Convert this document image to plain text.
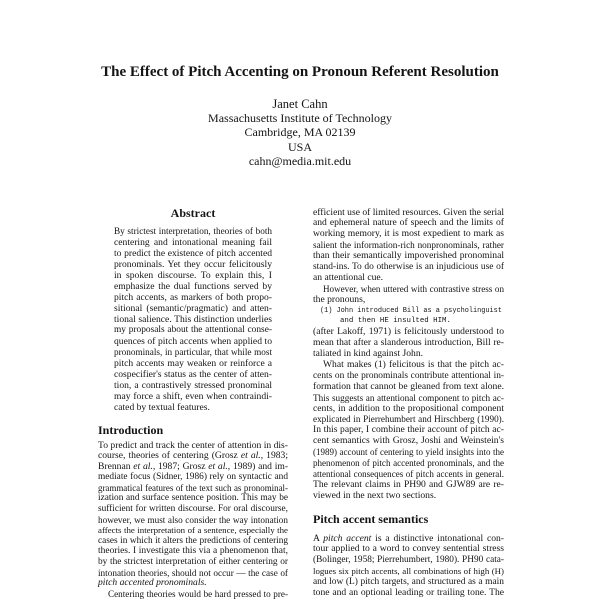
The Effect of Pitch Accenting on Pronoun Referent Resolution
Janet Cahn
Massachusetts Institute of Technology
Cambridge, MA 02139
USA
cahn@media.mit.edu
Abstract
By strictest interpretation, theories of both
centering and intonational meaning fail
to predict the existence of pitch accented
pronominals. Yet they occur felicitously
in spoken discourse. To explain this, I
emphasize the dual functions served by
pitch accents, as markers of both propo-
sitional (semantic/pragmatic) and atten-
tional salience. This distinction underlies
my proposals about the attentional conse-
quences of pitch accents when applied to
pronominals, in particular, that while most
pitch accents may weaken or reinforce a
cospecifier's status as the center of atten-
tion, a contrastively stressed pronominal
may force a shift, even when contraindi-
cated by textual features.
Introduction
To predict and track the center of attention in dis-
course, theories of centering (Grosz et al., 1983;
Brennan et al., 1987; Grosz et al., 1989) and im-
mediate focus (Sidner, 1986) rely on syntactic and
grammatical features of the text such as pronominal-
ization and surface sentence position. This may be
sufficient for written discourse. For oral discourse,
however, we must also consider the way intonation
affects the interpretation of a sentence, especially the
cases in which it alters the predictions of centering
theories. I investigate this via a phenomenon that,
by the strictest interpretation of either centering or
intonation theories, should not occur — the case of
pitch accented pronominals.
Centering theories would be hard pressed to pre-
efficient use of limited resources. Given the serial
and ephemeral nature of speech and the limits of
working memory, it is most expedient to mark as
salient the information-rich nonpronominals, rather
than their semantically impoverished pronominal
stand-ins. To do otherwise is an injudicious use of
an attentional cue.
However, when uttered with contrastive stress on
the pronouns,
(1) John introduced Bill as a psycholinguist
and then HE insulted HIM.
(after Lakoff, 1971) is felicitously understood to
mean that after a slanderous introduction, Bill re-
taliated in kind against John.
What makes (1) felicitous is that the pitch ac-
cents on the pronominals contribute attentional in-
formation that cannot be gleaned from text alone.
This suggests an attentional component to pitch ac-
cents, in addition to the propositional component
explicated in Pierrehumbert and Hirschberg (1990).
In this paper, I combine their account of pitch ac-
cent semantics with Grosz, Joshi and Weinstein's
(1989) account of centering to yield insights into the
phenomenon of pitch accented pronominals, and the
attentional consequences of pitch accents in general.
The relevant claims in PH90 and GJW89 are re-
viewed in the next two sections.
Pitch accent semantics
A pitch accent is a distinctive intonational con-
tour applied to a word to convey sentential stress
(Bolinger, 1958; Pierrehumbert, 1980). PH90 cata-
logues six pitch accents, all combinations of high (H)
and low (L) pitch targets, and structured as a main
tone and an optional leading or trailing tone. The
